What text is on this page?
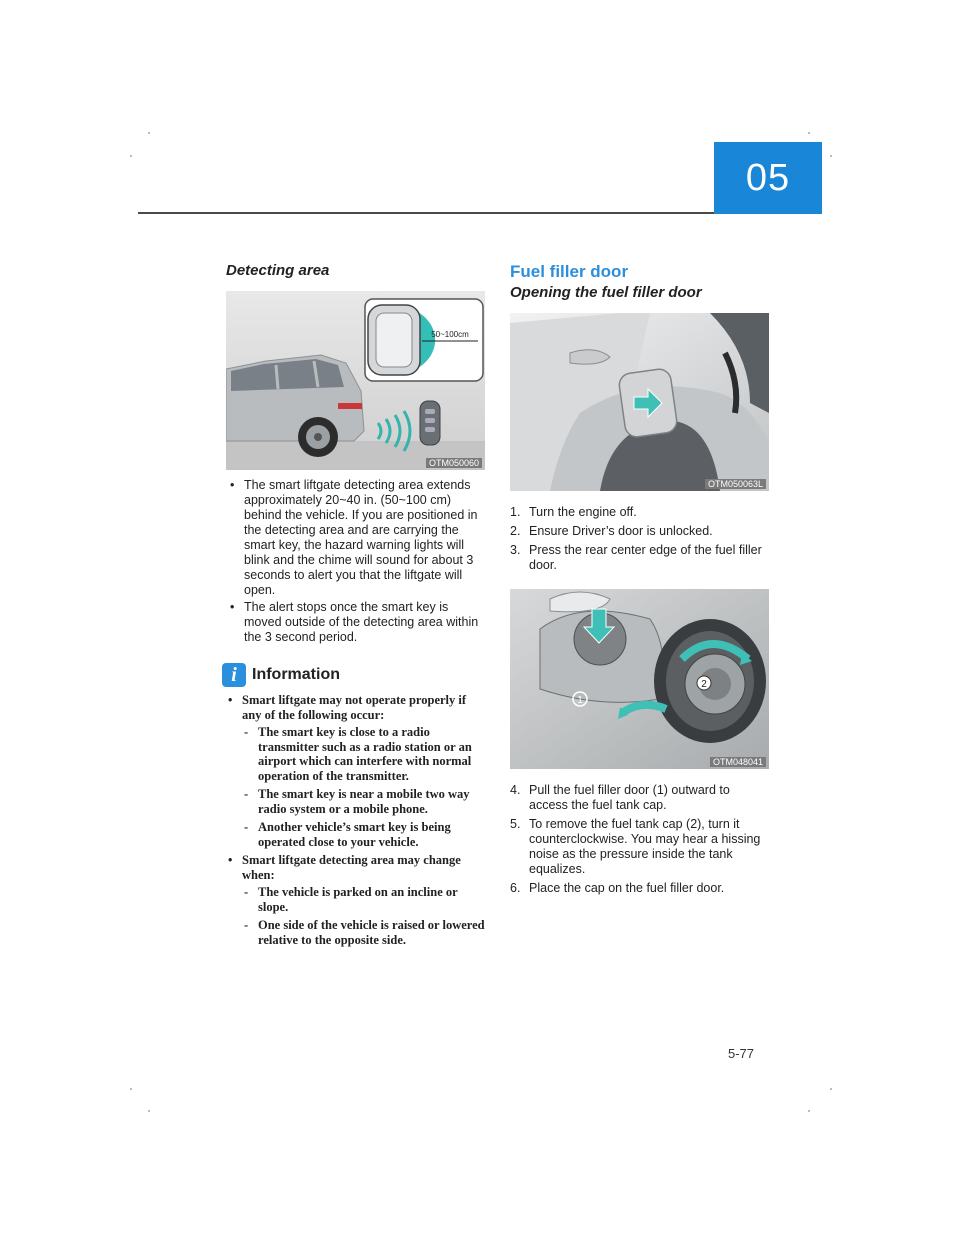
05
Detecting area
50~100cm
OTM050060
• The smart liftgate detecting area extends approximately 20~40 in. (50~100 cm) behind the vehicle. If you are positioned in the detecting area and are carrying the smart key, the hazard warning lights will blink and the chime will sound for about 3 seconds to alert you that the liftgate will open.
• The alert stops once the smart key is moved outside of the detecting area within the 3 second period.
i Information
• Smart liftgate may not operate properly if any of the following occur:
- The smart key is close to a radio transmitter such as a radio station or an airport which can interfere with normal operation of the transmitter.
- The smart key is near a mobile two way radio system or a mobile phone.
- Another vehicle’s smart key is being operated close to your vehicle.
• Smart liftgate detecting area may change when:
- The vehicle is parked on an incline or slope.
- One side of the vehicle is raised or lowered relative to the opposite side.
Fuel filler door
Opening the fuel filler door
OTM050063L
1. Turn the engine off.
2. Ensure Driver’s door is unlocked.
3. Press the rear center edge of the fuel filler door.
1
2
OTM048041
4. Pull the fuel filler door (1) outward to access the fuel tank cap.
5. To remove the fuel tank cap (2), turn it counterclockwise. You may hear a hissing noise as the pressure inside the tank equalizes.
6. Place the cap on the fuel filler door.
5-77
